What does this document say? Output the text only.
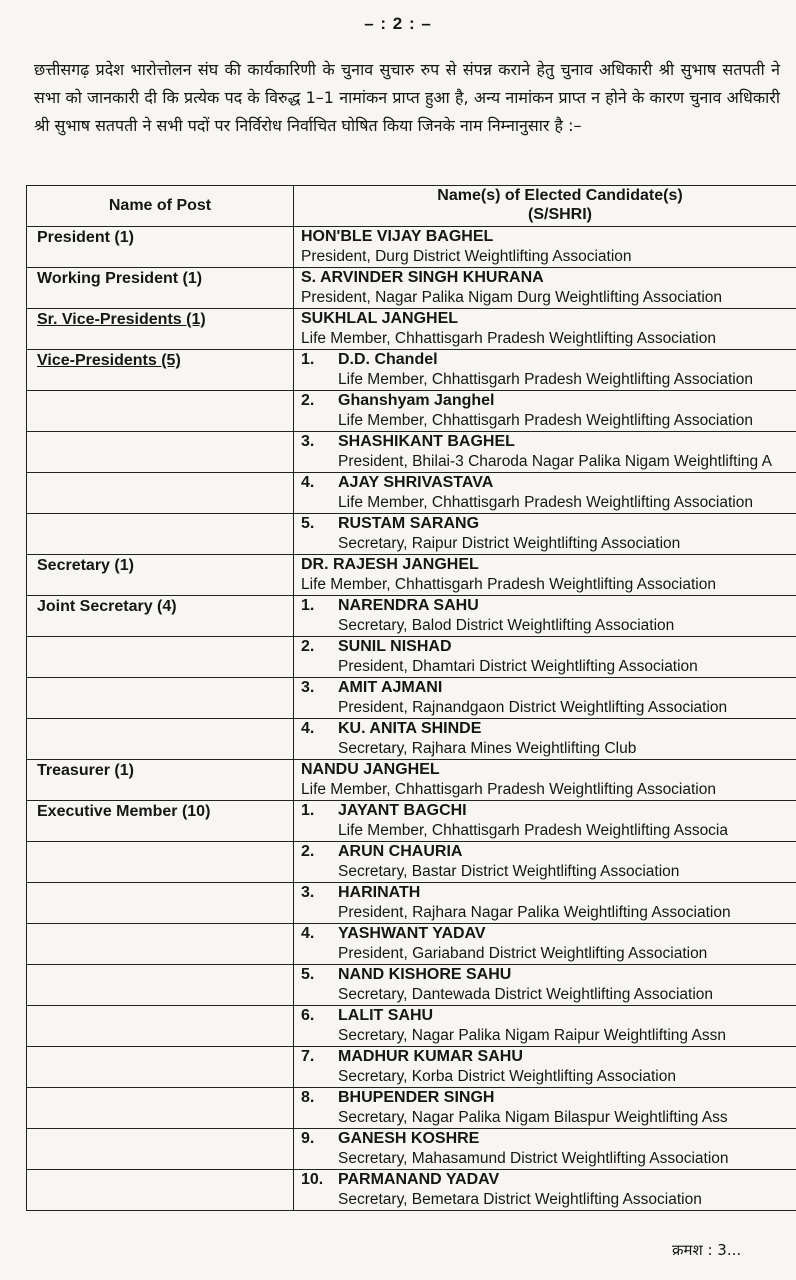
– : 2 : –
छत्तीसगढ़ प्रदेश भारोत्तोलन संघ की कार्यकारिणी के चुनाव सुचारु रुप से संपन्न कराने हेतु चुनाव अधिकारी श्री सुभाष सतपती ने सभा को जानकारी दी कि प्रत्येक पद के विरुद्ध 1–1 नामांकन प्राप्त हुआ है, अन्य नामांकन प्राप्त न होने के कारण चुनाव अधिकारी श्री सुभाष सतपती ने सभी पदों पर निर्विरोध निर्वाचित घोषित किया जिनके नाम निम्नानुसार है :–
Name of Post	Name(s) of Elected Candidate(s)
(S/SHRI)

President (1)	HON'BLE VIJAY BAGHEL
President, Durg District Weightlifting Association

Working President (1)	S. ARVINDER SINGH KHURANA
President, Nagar Palika Nigam Durg Weightlifting Association

Sr. Vice-Presidents (1)	SUKHLAL JANGHEL
Life Member, Chhattisgarh Pradesh Weightlifting Association

Vice-Presidents (5)	1. D.D. Chandel
Life Member, Chhattisgarh Pradesh Weightlifting Association

	2. Ghanshyam Janghel
Life Member, Chhattisgarh Pradesh Weightlifting Association

	3. SHASHIKANT BAGHEL
President, Bhilai-3 Charoda Nagar Palika Nigam Weightlifting A

	4. AJAY SHRIVASTAVA
Life Member, Chhattisgarh Pradesh Weightlifting Association

	5. RUSTAM SARANG
Secretary, Raipur District Weightlifting Association

Secretary (1)	DR. RAJESH JANGHEL
Life Member, Chhattisgarh Pradesh Weightlifting Association

Joint Secretary (4)	1. NARENDRA SAHU
Secretary, Balod District Weightlifting Association

	2. SUNIL NISHAD
President, Dhamtari District Weightlifting Association

	3. AMIT AJMANI
President, Rajnandgaon District Weightlifting Association

	4. KU. ANITA SHINDE
Secretary, Rajhara Mines Weightlifting Club

Treasurer (1)	NANDU JANGHEL
Life Member, Chhattisgarh Pradesh Weightlifting Association

Executive Member (10)	1. JAYANT BAGCHI
Life Member, Chhattisgarh Pradesh Weightlifting Associa

	2. ARUN CHAURIA
Secretary, Bastar District Weightlifting Association

	3. HARINATH
President, Rajhara Nagar Palika Weightlifting Association

	4. YASHWANT YADAV
President, Gariaband District Weightlifting Association

	5. NAND KISHORE SAHU
Secretary, Dantewada District Weightlifting Association

	6. LALIT SAHU
Secretary, Nagar Palika Nigam Raipur Weightlifting Assn

	7. MADHUR KUMAR SAHU
Secretary, Korba District Weightlifting Association

	8. BHUPENDER SINGH
Secretary, Nagar Palika Nigam Bilaspur Weightlifting Ass

	9. GANESH KOSHRE
Secretary, Mahasamund District Weightlifting Association

	10. PARMANAND YADAV
Secretary, Bemetara District Weightlifting Association
क्रमश : 3...
